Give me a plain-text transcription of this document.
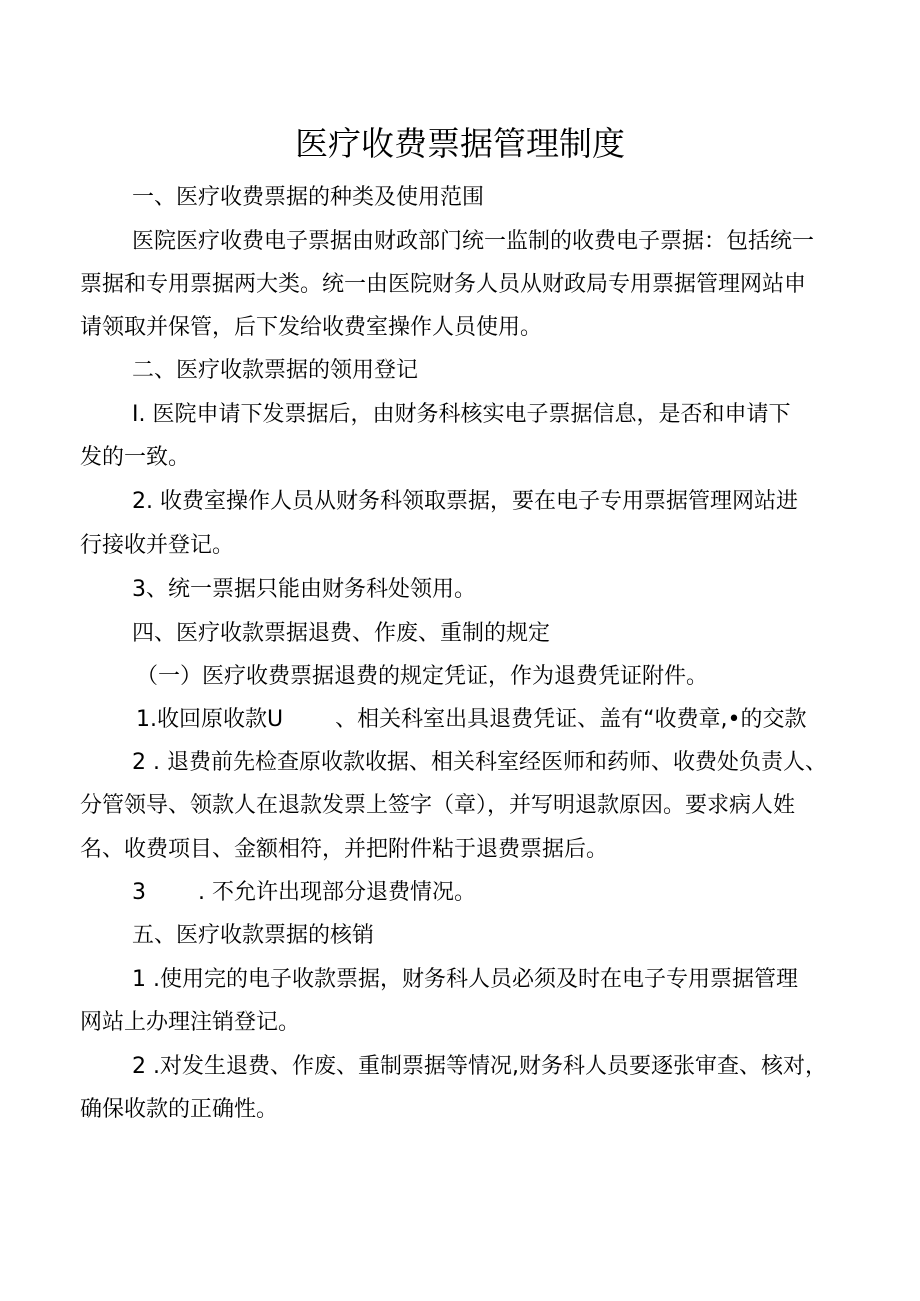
医疗收费票据管理制度
一、医疗收费票据的种类及使用范围
医院医疗收费电子票据由财政部门统一监制的收费电子票据：包括统一
票据和专用票据两大类。统一由医院财务人员从财政局专用票据管理网站申
请领取并保管，后下发给收费室操作人员使用。
二、医疗收款票据的领用登记
I. 医院申请下发票据后，由财务科核实电子票据信息，是否和申请下
发的一致。
2. 收费室操作人员从财务科领取票据，要在电子专用票据管理网站进
行接收并登记。
3、统一票据只能由财务科处领用。
四、医疗收款票据退费、作废、重制的规定
（一）医疗收费票据退费的规定凭证，作为退费凭证附件。
1.收回原收款U 、相关科室出具退费凭证、盖有“收费章,•的交款
2 . 退费前先检查原收款收据、相关科室经医师和药师、收费处负责人、
分管领导、领款人在退款发票上签字（章），并写明退款原因。要求病人姓
名、收费项目、金额相符，并把附件粘于退费票据后。
3 . 不允许出现部分退费情况。
五、医疗收款票据的核销
1 .使用完的电子收款票据，财务科人员必须及时在电子专用票据管理
网站上办理注销登记。
2 .对发生退费、作废、重制票据等情况,财务科人员要逐张审查、核对，
确保收款的正确性。
